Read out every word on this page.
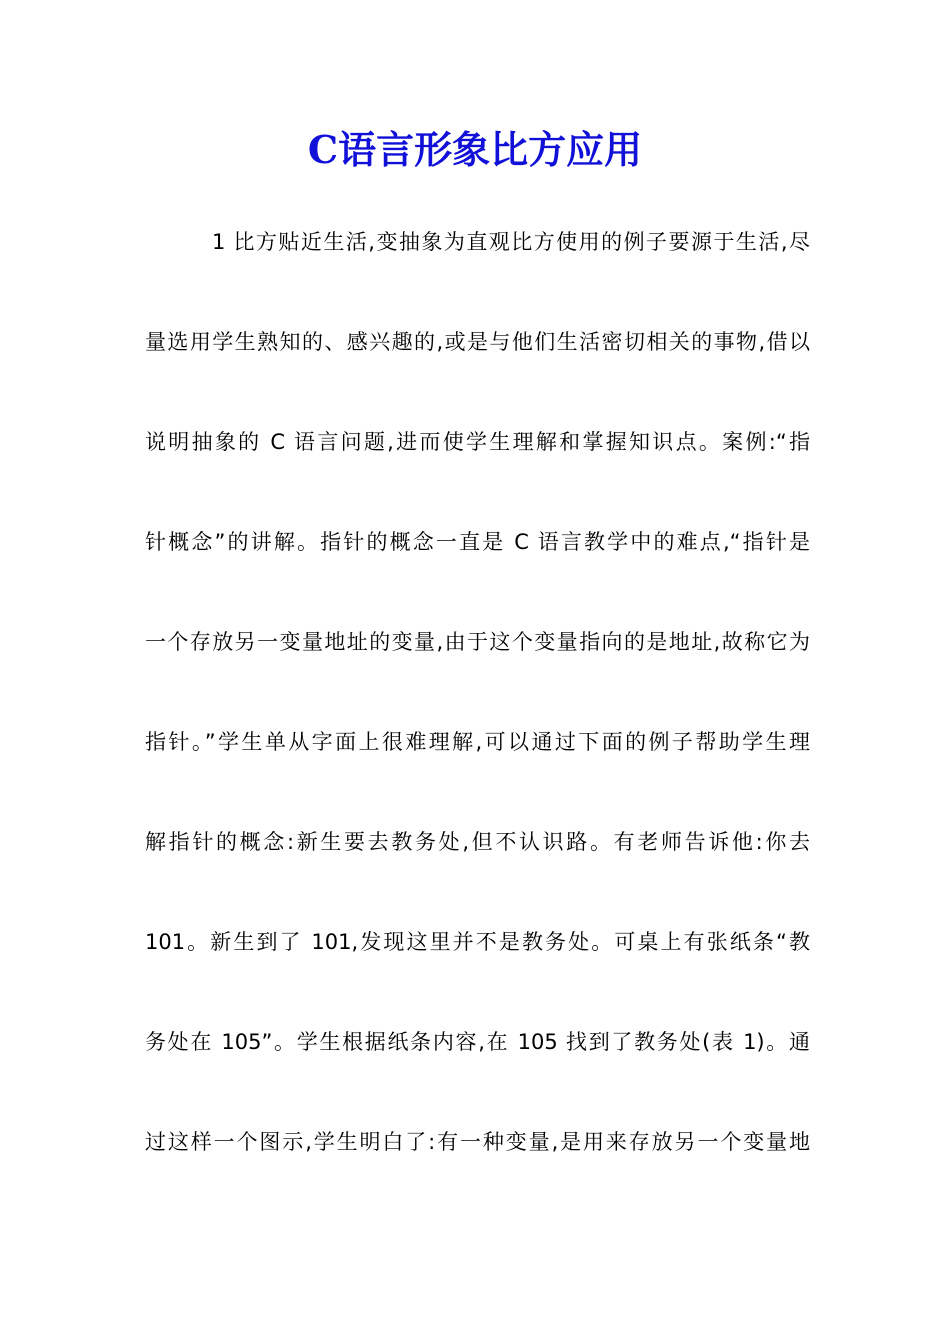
C语言形象比方应用
1 比方贴近生活,变抽象为直观比方使用的例子要源于生活,尽
量选用学生熟知的、感兴趣的,或是与他们生活密切相关的事物,借以
说明抽象的 C 语言问题,进而使学生理解和掌握知识点。案例:“指
针概念”的讲解。指针的概念一直是 C 语言教学中的难点,“指针是
一个存放另一变量地址的变量,由于这个变量指向的是地址,故称它为
指针。”学生单从字面上很难理解,可以通过下面的例子帮助学生理
解指针的概念:新生要去教务处,但不认识路。有老师告诉他:你去
101。新生到了 101,发现这里并不是教务处。可桌上有张纸条“教
务处在 105”。学生根据纸条内容,在 105 找到了教务处(表 1)。通
过这样一个图示,学生明白了:有一种变量,是用来存放另一个变量地
